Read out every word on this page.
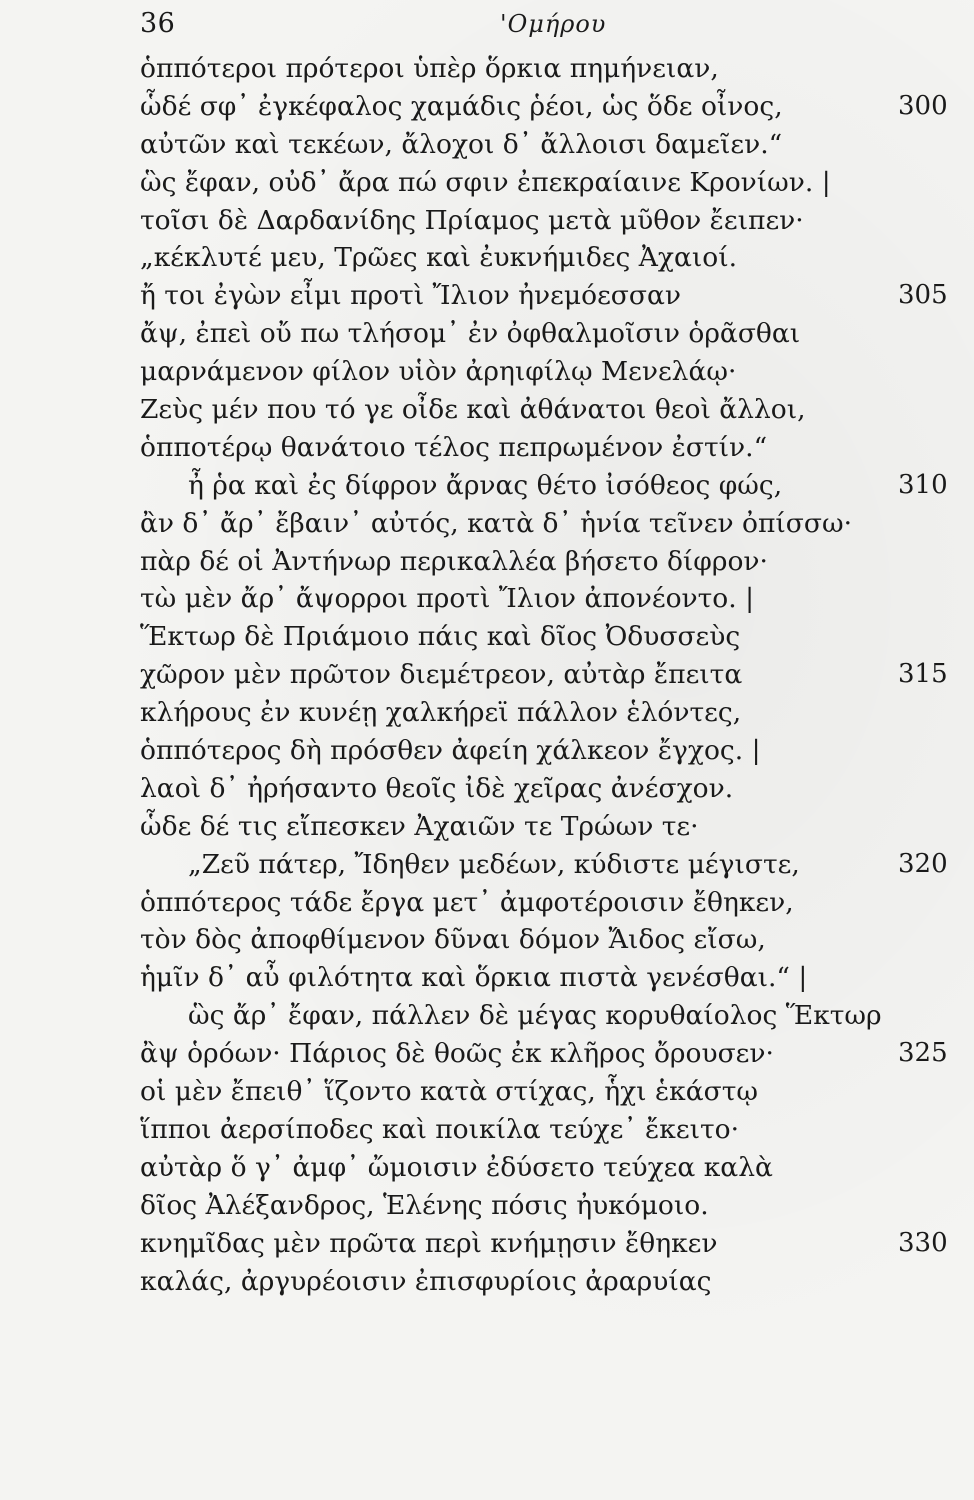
36	'Ομήρου
ὁππότεροι πρότεροι ὑπὲρ ὅρκια πημήνειαν,
ὧδέ σφ᾽ ἐγκέφαλος χαμάδις ῥέοι, ὡς ὅδε οἶνος,	300
αὐτῶν καὶ τεκέων, ἄλοχοι δ᾽ ἄλλοισι δαμεῖεν.“
ὣς ἔφαν, οὐδ᾽ ἄρα πώ σφιν ἐπεκραίαινε Κρονίων. |
τοῖσι δὲ Δαρδανίδης Πρίαμος μετὰ μῦθον ἔειπεν·
„κέκλυτέ μευ, Τρῶες καὶ ἐυκνήμιδες Ἀχαιοί.
ἤ τοι ἐγὼν εἶμι προτὶ Ἴλιον ἠνεμόεσσαν	305
ἄψ, ἐπεὶ οὔ πω τλήσομ᾽ ἐν ὀφθαλμοῖσιν ὁρᾶσθαι
μαρνάμενον φίλον υἱὸν ἀρηιφίλῳ Μενελάῳ·
Ζεὺς μέν που τό γε οἶδε καὶ ἀθάνατοι θεοὶ ἄλλοι,
ὁπποτέρῳ θανάτοιο τέλος πεπρωμένον ἐστίν.“
ἦ ῥα καὶ ἐς δίφρον ἄρνας θέτο ἰσόθεος φώς,	310
ἂν δ᾽ ἄρ᾽ ἔβαιν᾽ αὐτός, κατὰ δ᾽ ἡνία τεῖνεν ὀπίσσω·
πὰρ δέ οἱ Ἀντήνωρ περικαλλέα βήσετο δίφρον·
τὼ μὲν ἄρ᾽ ἄψορροι προτὶ Ἴλιον ἀπονέοντο. |
Ἕκτωρ δὲ Πριάμοιο πάις καὶ δῖος Ὀδυσσεὺς
χῶρον μὲν πρῶτον διεμέτρεον, αὐτὰρ ἔπειτα	315
κλήρους ἐν κυνέῃ χαλκήρεϊ πάλλον ἑλόντες,
ὁππότερος δὴ πρόσθεν ἀφείη χάλκεον ἔγχος. |
λαοὶ δ᾽ ἠρήσαντο θεοῖς ἰδὲ χεῖρας ἀνέσχον.
ὧδε δέ τις εἴπεσκεν Ἀχαιῶν τε Τρώων τε·
„Ζεῦ πάτερ, Ἴδηθεν μεδέων, κύδιστε μέγιστε,	320
ὁππότερος τάδε ἔργα μετ᾽ ἀμφοτέροισιν ἔθηκεν,
τὸν δὸς ἀποφθίμενον δῦναι δόμον Ἄιδος εἴσω,
ἡμῖν δ᾽ αὖ φιλότητα καὶ ὅρκια πιστὰ γενέσθαι.“ |
ὣς ἄρ᾽ ἔφαν, πάλλεν δὲ μέγας κορυθαίολος Ἕκτωρ
ἂψ ὁρόων· Πάριος δὲ θοῶς ἐκ κλῆρος ὄρουσεν·	325
οἱ μὲν ἔπειθ᾽ ἵζοντο κατὰ στίχας, ἧχι ἑκάστῳ
ἵπποι ἀερσίποδες καὶ ποικίλα τεύχε᾽ ἔκειτο·
αὐτὰρ ὅ γ᾽ ἀμφ᾽ ὤμοισιν ἐδύσετο τεύχεα καλὰ
δῖος Ἀλέξανδρος, Ἑλένης πόσις ἠυκόμοιο.
κνημῖδας μὲν πρῶτα περὶ κνήμῃσιν ἔθηκεν	330
καλάς, ἀργυρέοισιν ἐπισφυρίοις ἀραρυίας
